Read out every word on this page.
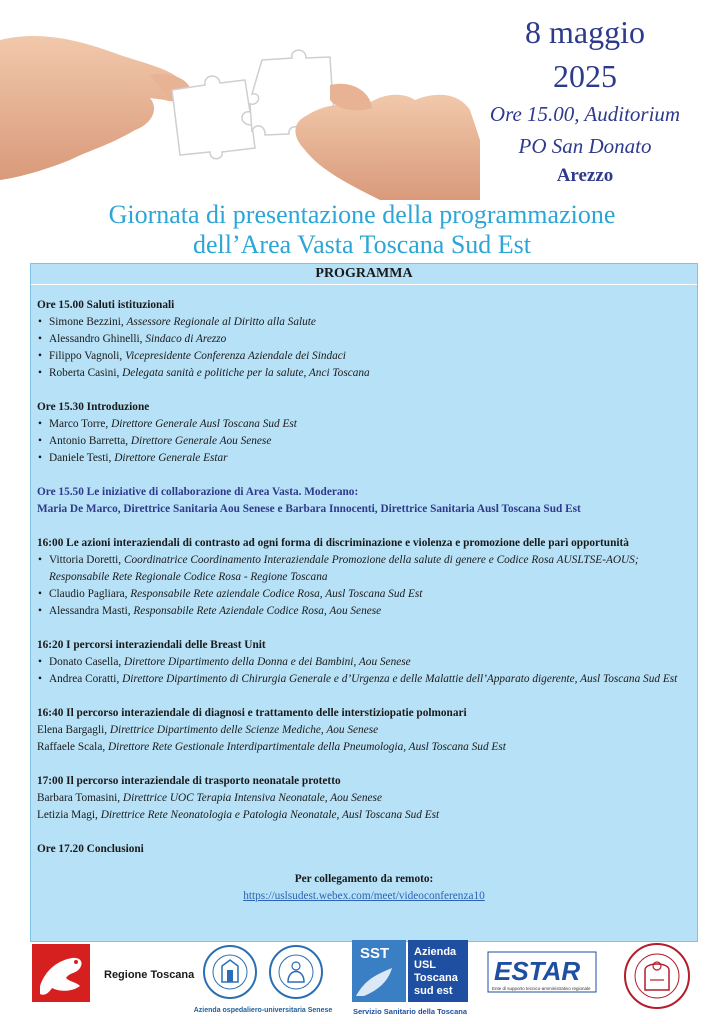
8 maggio
2025
Ore 15.00, Auditorium
PO San Donato
Arezzo
Giornata di presentazione della programmazione
dell’Area Vasta Toscana Sud Est
PROGRAMMA
Ore 15.00 Saluti istituzionali
• Simone Bezzini, Assessore Regionale al Diritto alla Salute
• Alessandro Ghinelli, Sindaco di Arezzo
• Filippo Vagnoli, Vicepresidente Conferenza Aziendale dei Sindaci
• Roberta Casini, Delegata sanità e politiche per la salute, Anci Toscana
Ore 15.30 Introduzione
• Marco Torre, Direttore Generale Ausl Toscana Sud Est
• Antonio Barretta, Direttore Generale Aou Senese
• Daniele Testi, Direttore Generale Estar
Ore 15.50 Le iniziative di collaborazione di Area Vasta. Moderano:
Maria De Marco, Direttrice Sanitaria Aou Senese e Barbara Innocenti, Direttrice Sanitaria Ausl Toscana Sud Est
16:00 Le azioni interaziendali di contrasto ad ogni forma di discriminazione e violenza e promozione delle pari opportunità
• Vittoria Doretti, Coordinatrice Coordinamento Interaziendale Promozione della salute di genere e Codice Rosa AUSLTSE-AOUS; Responsabile Rete Regionale Codice Rosa - Regione Toscana
• Claudio Pagliara, Responsabile Rete aziendale Codice Rosa, Ausl Toscana Sud Est
• Alessandra Masti, Responsabile Rete Aziendale Codice Rosa, Aou Senese
16:20 I percorsi interaziendali delle Breast Unit
• Donato Casella, Direttore Dipartimento della Donna e dei Bambini, Aou Senese
• Andrea Coratti, Direttore Dipartimento di Chirurgia Generale e d’Urgenza e delle Malattie dell’Apparato digerente, Ausl Toscana Sud Est
16:40 Il percorso interaziendale di diagnosi e trattamento delle interstiziopatie polmonari
Elena Bargagli, Direttrice Dipartimento delle Scienze Mediche, Aou Senese
Raffaele Scala, Direttore Rete Gestionale Interdipartimentale della Pneumologia, Ausl Toscana Sud Est
17:00 Il percorso interaziendale di trasporto neonatale protetto
Barbara Tomasini, Direttrice UOC Terapia Intensiva Neonatale, Aou Senese
Letizia Magi, Direttrice Rete Neonatologia e Patologia Neonatale, Ausl Toscana Sud Est
Ore 17.20 Conclusioni
Per collegamento da remoto:
https://uslsudest.webex.com/meet/videoconferenza10
Regione Toscana
Azienda ospedaliero-universitaria Senese
SST Azienda
USL
Toscana
sud est
Servizio Sanitario della Toscana
ESTAR
Ente di supporto tecnico-amministrativo regionale
